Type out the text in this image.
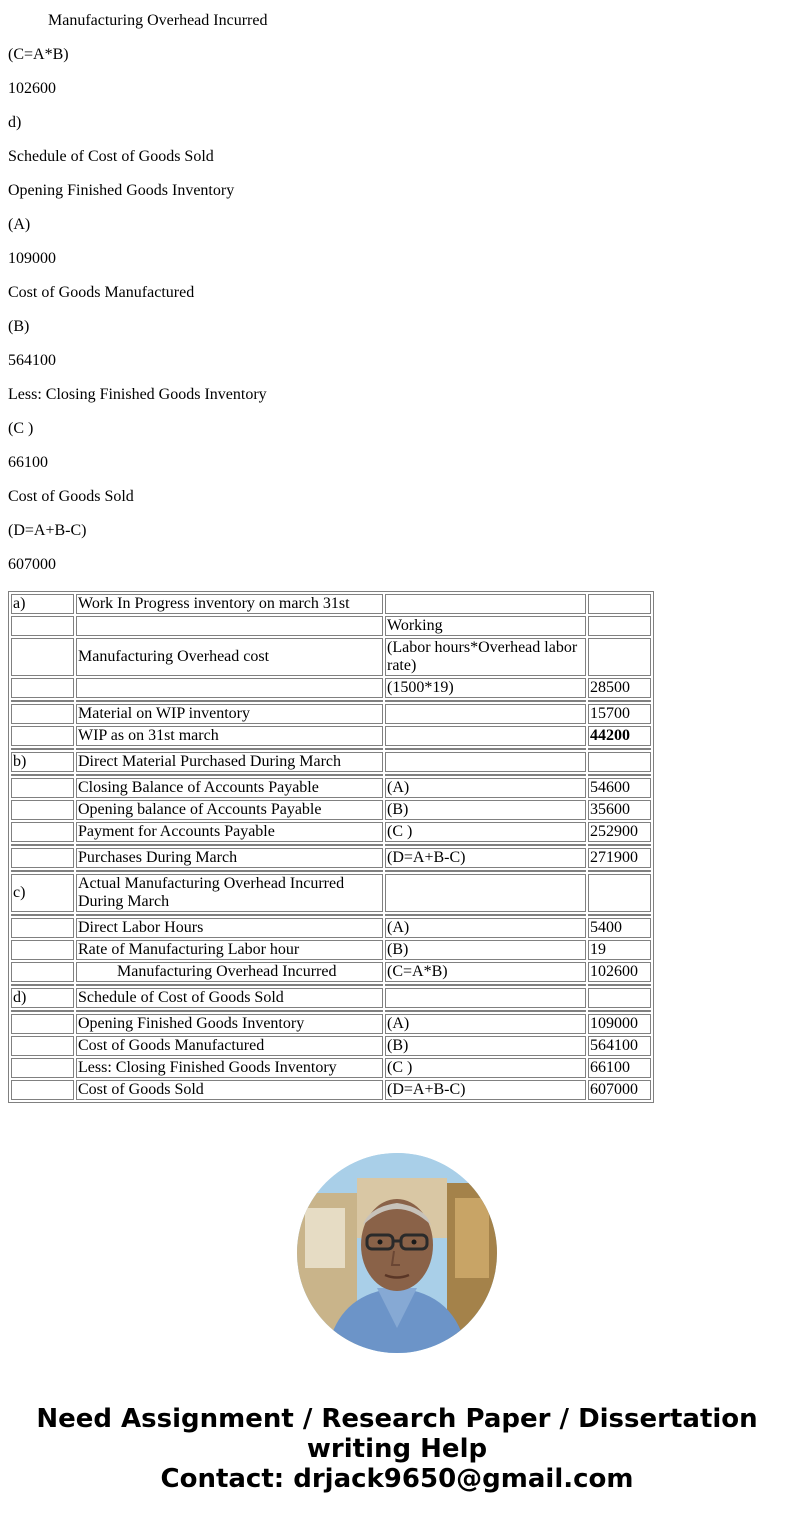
Manufacturing Overhead Incurred

(C=A*B)

102600

d)

Schedule of Cost of Goods Sold

Opening Finished Goods Inventory

(A)

109000

Cost of Goods Manufactured

(B)

564100

Less: Closing Finished Goods Inventory

(C )

66100

Cost of Goods Sold

(D=A+B-C)

607000

a)	Work In Progress inventory on march 31st		
		Working	
	Manufacturing Overhead cost	(Labor hours*Overhead labor rate)	
		(1500*19)	28500

	Material on WIP inventory		15700
	WIP as on 31st march		44200

b)	Direct Material Purchased During March		

	Closing Balance of Accounts Payable	(A)	54600
	Opening balance of Accounts Payable	(B)	35600
	Payment for Accounts Payable	(C )	252900

	Purchases During March	(D=A+B-C)	271900

c)	Actual Manufacturing Overhead Incurred During March		

	Direct Labor Hours	(A)	5400
	Rate of Manufacturing Labor hour	(B)	19
	Manufacturing Overhead Incurred	(C=A*B)	102600

d)	Schedule of Cost of Goods Sold		

	Opening Finished Goods Inventory	(A)	109000
	Cost of Goods Manufactured	(B)	564100
	Less: Closing Finished Goods Inventory	(C )	66100
	Cost of Goods Sold	(D=A+B-C)	607000
Need Assignment / Research Paper / Dissertation writing Help
Contact: drjack9650@gmail.com
